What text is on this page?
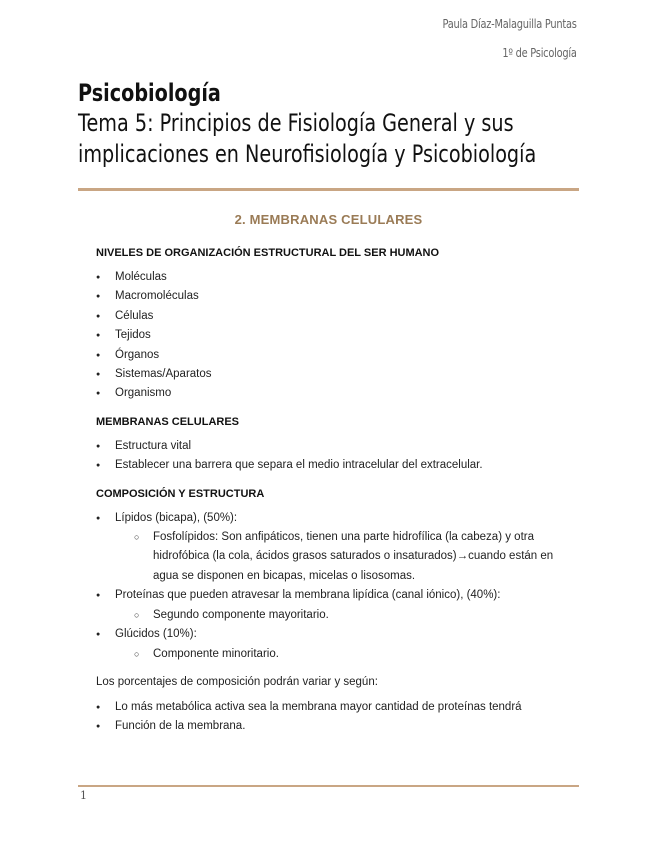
Paula Díaz-Malaguilla Puntas
1º de Psicología
Psicobiología
Tema 5: Principios de Fisiología General y sus implicaciones en Neurofisiología y Psicobiología
2. MEMBRANAS CELULARES
NIVELES DE ORGANIZACIÓN ESTRUCTURAL DEL SER HUMANO
● Moléculas
● Macromoléculas
● Células
● Tejidos
● Órganos
● Sistemas/Aparatos
● Organismo
MEMBRANAS CELULARES
● Estructura vital
● Establecer una barrera que separa el medio intracelular del extracelular.
COMPOSICIÓN Y ESTRUCTURA
● Lípidos (bicapa), (50%):
○ Fosfolípidos: Son anfipáticos, tienen una parte hidrofílica (la cabeza) y otra hidrofóbica (la cola, ácidos grasos saturados o insaturados)→cuando están en agua se disponen en bicapas, micelas o lisosomas.
● Proteínas que pueden atravesar la membrana lipídica (canal iónico), (40%):
○ Segundo componente mayoritario.
● Glúcidos (10%):
○ Componente minoritario.

Los porcentajes de composición podrán variar y según:

● Lo más metabólica activa sea la membrana mayor cantidad de proteínas tendrá
● Función de la membrana.
1
